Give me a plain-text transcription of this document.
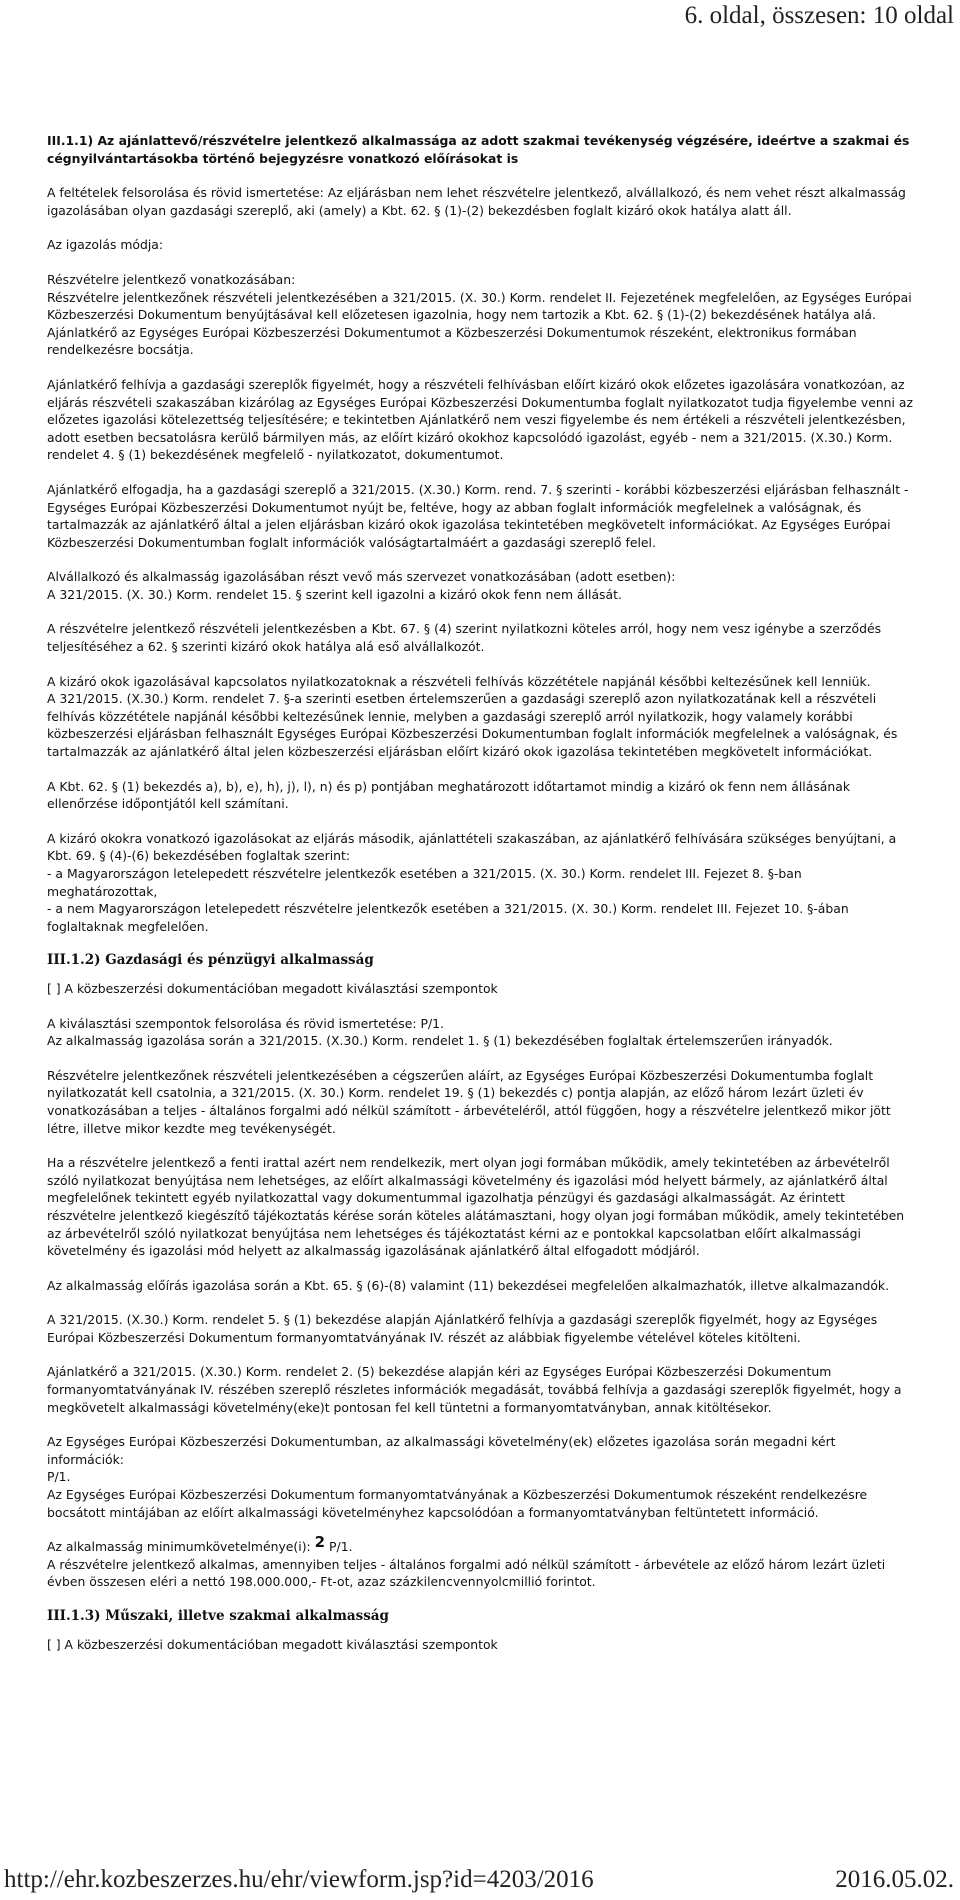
6. oldal, összesen: 10 oldal

III.1.1) Az ajánlattevő/részvételre jelentkező alkalmassága az adott szakmai tevékenység végzésére, ideértve a szakmai és cégnyilvántartásokba történő bejegyzésre vonatkozó előírásokat is

A feltételek felsorolása és rövid ismertetése: Az eljárásban nem lehet részvételre jelentkező, alvállalkozó, és nem vehet részt alkalmasság igazolásában olyan gazdasági szereplő, aki (amely) a Kbt. 62. § (1)-(2) bekezdésben foglalt kizáró okok hatálya alatt áll.

Az igazolás módja:

Részvételre jelentkező vonatkozásában:

Részvételre jelentkezőnek részvételi jelentkezésében a 321/2015. (X. 30.) Korm. rendelet II. Fejezetének megfelelően, az Egységes Európai Közbeszerzési Dokumentum benyújtásával kell előzetesen igazolnia, hogy nem tartozik a Kbt. 62. § (1)-(2) bekezdésének hatálya alá. Ajánlatkérő az Egységes Európai Közbeszerzési Dokumentumot a Közbeszerzési Dokumentumok részeként, elektronikus formában rendelkezésre bocsátja.

Ajánlatkérő felhívja a gazdasági szereplők figyelmét, hogy a részvételi felhívásban előírt kizáró okok előzetes igazolására vonatkozóan, az eljárás részvételi szakaszában kizárólag az Egységes Európai Közbeszerzési Dokumentumba foglalt nyilatkozatot tudja figyelembe venni az előzetes igazolási kötelezettség teljesítésére; e tekintetben Ajánlatkérő nem veszi figyelembe és nem értékeli a részvételi jelentkezésben, adott esetben becsatolásra kerülő bármilyen más, az előírt kizáró okokhoz kapcsolódó igazolást, egyéb - nem a 321/2015. (X.30.) Korm. rendelet 4. § (1) bekezdésének megfelelő - nyilatkozatot, dokumentumot.

Ajánlatkérő elfogadja, ha a gazdasági szereplő a 321/2015. (X.30.) Korm. rend. 7. § szerinti - korábbi közbeszerzési eljárásban felhasznált - Egységes Európai Közbeszerzési Dokumentumot nyújt be, feltéve, hogy az abban foglalt információk megfelelnek a valóságnak, és tartalmazzák az ajánlatkérő által a jelen eljárásban kizáró okok igazolása tekintetében megkövetelt információkat. Az Egységes Európai Közbeszerzési Dokumentumban foglalt információk valóságtartalmáért a gazdasági szereplő felel.

Alvállalkozó és alkalmasság igazolásában részt vevő más szervezet vonatkozásában (adott esetben):

A 321/2015. (X. 30.) Korm. rendelet 15. § szerint kell igazolni a kizáró okok fenn nem állását.

A részvételre jelentkező részvételi jelentkezésben a Kbt. 67. § (4) szerint nyilatkozni köteles arról, hogy nem vesz igénybe a szerződés teljesítéséhez a 62. § szerinti kizáró okok hatálya alá eső alvállalkozót.

A kizáró okok igazolásával kapcsolatos nyilatkozatoknak a részvételi felhívás közzététele napjánál későbbi keltezésűnek kell lenniük.

A 321/2015. (X.30.) Korm. rendelet 7. §-a szerinti esetben értelemszerűen a gazdasági szereplő azon nyilatkozatának kell a részvételi felhívás közzététele napjánál későbbi keltezésűnek lennie, melyben a gazdasági szereplő arról nyilatkozik, hogy valamely korábbi közbeszerzési eljárásban felhasznált Egységes Európai Közbeszerzési Dokumentumban foglalt információk megfelelnek a valóságnak, és tartalmazzák az ajánlatkérő által jelen közbeszerzési eljárásban előírt kizáró okok igazolása tekintetében megkövetelt információkat.

A Kbt. 62. § (1) bekezdés a), b), e), h), j), l), n) és p) pontjában meghatározott időtartamot mindig a kizáró ok fenn nem állásának ellenőrzése időpontjától kell számítani.

A kizáró okokra vonatkozó igazolásokat az eljárás második, ajánlattételi szakaszában, az ajánlatkérő felhívására szükséges benyújtani, a Kbt. 69. § (4)-(6) bekezdésében foglaltak szerint:

- a Magyarországon letelepedett részvételre jelentkezők esetében a 321/2015. (X. 30.) Korm. rendelet III. Fejezet 8. §-ban meghatározottak,

- a nem Magyarországon letelepedett részvételre jelentkezők esetében a 321/2015. (X. 30.) Korm. rendelet III. Fejezet 10. §-ában foglaltaknak megfelelően.

III.1.2) Gazdasági és pénzügyi alkalmasság

[ ] A közbeszerzési dokumentációban megadott kiválasztási szempontok

A kiválasztási szempontok felsorolása és rövid ismertetése: P/1.

Az alkalmasság igazolása során a 321/2015. (X.30.) Korm. rendelet 1. § (1) bekezdésében foglaltak értelemszerűen irányadók.

Részvételre jelentkezőnek részvételi jelentkezésében a cégszerűen aláírt, az Egységes Európai Közbeszerzési Dokumentumba foglalt nyilatkozatát kell csatolnia, a 321/2015. (X. 30.) Korm. rendelet 19. § (1) bekezdés c) pontja alapján, az előző három lezárt üzleti év vonatkozásában a teljes - általános forgalmi adó nélkül számított - árbevételéről, attól függően, hogy a részvételre jelentkező mikor jött létre, illetve mikor kezdte meg tevékenységét.

Ha a részvételre jelentkező a fenti irattal azért nem rendelkezik, mert olyan jogi formában működik, amely tekintetében az árbevételről szóló nyilatkozat benyújtása nem lehetséges, az előírt alkalmassági követelmény és igazolási mód helyett bármely, az ajánlatkérő által megfelelőnek tekintett egyéb nyilatkozattal vagy dokumentummal igazolhatja pénzügyi és gazdasági alkalmasságát. Az érintett részvételre jelentkező kiegészítő tájékoztatás kérése során köteles alátámasztani, hogy olyan jogi formában működik, amely tekintetében az árbevételről szóló nyilatkozat benyújtása nem lehetséges és tájékoztatást kérni az e pontokkal kapcsolatban előírt alkalmassági követelmény és igazolási mód helyett az alkalmasság igazolásának ajánlatkérő által elfogadott módjáról.

Az alkalmasság előírás igazolása során a Kbt. 65. § (6)-(8) valamint (11) bekezdései megfelelően alkalmazhatók, illetve alkalmazandók.

A 321/2015. (X.30.) Korm. rendelet 5. § (1) bekezdése alapján Ajánlatkérő felhívja a gazdasági szereplők figyelmét, hogy az Egységes Európai Közbeszerzési Dokumentum formanyomtatványának IV. részét az alábbiak figyelembe vételével köteles kitölteni.

Ajánlatkérő a 321/2015. (X.30.) Korm. rendelet 2. (5) bekezdése alapján kéri az Egységes Európai Közbeszerzési Dokumentum formanyomtatványának IV. részében szereplő részletes információk megadását, továbbá felhívja a gazdasági szereplők figyelmét, hogy a megkövetelt alkalmassági követelmény(eke)t pontosan fel kell tüntetni a formanyomtatványban, annak kitöltésekor.

Az Egységes Európai Közbeszerzési Dokumentumban, az alkalmassági követelmény(ek) előzetes igazolása során megadni kért információk:

P/1.

Az Egységes Európai Közbeszerzési Dokumentum formanyomtatványának a Közbeszerzési Dokumentumok részeként rendelkezésre bocsátott mintájában az előírt alkalmassági követelményhez kapcsolódóan a formanyomtatványban feltüntetett információ.

Az alkalmasság minimumkövetelménye(i): 2 P/1.

A részvételre jelentkező alkalmas, amennyiben teljes - általános forgalmi adó nélkül számított - árbevétele az előző három lezárt üzleti évben összesen eléri a nettó 198.000.000,- Ft-ot, azaz százkilencvennyolcmillió forintot.

III.1.3) Műszaki, illetve szakmai alkalmasság

[ ] A közbeszerzési dokumentációban megadott kiválasztási szempontok

http://ehr.kozbeszerzes.hu/ehr/viewform.jsp?id=4203/2016	2016.05.02.
